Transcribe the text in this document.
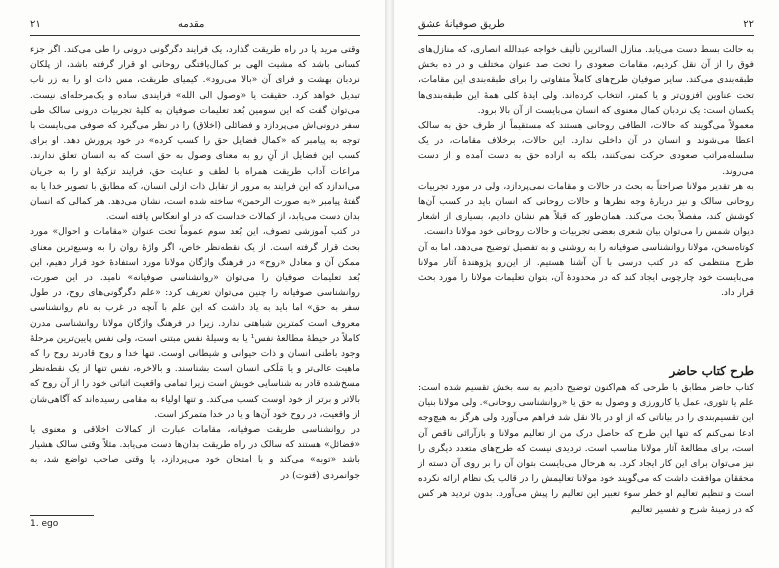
۲۱	مقدمه

وقتی مرید پا در راه طریقت گذارد، یک فرایند دگرگونی درونی را طی می‌کند. اگر جزء کسانی باشد که مشیت الهی بر کمال‌یافتگی روحانی او قرار گرفته باشد، از پلکان نردبان بهشت و فرای آن «بالا می‌رود». کیمیای طریقت، مس ذات او را به زر ناب تبدیل خواهد کرد. حقیقت یا «وصول الی الله» فرایندی ساده و یک‌مرحله‌ای نیست. می‌توان گفت که این سومین بُعد تعلیمات صوفیان به کلیهٔ تجربیات درونی سالک طی سفر درونی‌اش می‌پردازد و فضائلی (اخلاق) را در نظر می‌گیرد که صوفی می‌بایست با توجه به پیامبر که «کمال فضایل حق را کسب کرده» در خود پرورش دهد. او برای کسب این فضایل از آنِ رو به معنای وصول به حق است که به انسان تعلق ندارند. مراعات آداب طریقت همراه با لطف و عنایت حق، فرایند تزکیهٔ او را به جریان می‌اندازد که این فرایند به مرور از تقابل ذات ازلی انسان، که مطابق با تصویر خدا یا به گفتهٔ پیامبر «به صورت الرحمن» ساخته شده است، نشان می‌دهد. هر کمالی که انسان بدان دست می‌یابد، از کمالات خداست که در او انعکاس یافته است.

در کتب آموزشی تصوف، این بُعد سوم عموماً تحت عنوان «مقامات و احوال» مورد بحث قرار گرفته است. از یک نقطه‌نظر خاص، اگر واژهٔ روان را به وسیع‌ترین معنای ممکن آن و معادل «روح» در فرهنگ واژگان مولانا مورد استفادهٔ خود قرار دهیم، این بُعد تعلیمات صوفیان را می‌توان «روانشناسی صوفیانه» نامید. در این صورت، روانشناسی صوفیانه را چنین می‌توان تعریف کرد: «علم دگرگونی‌های روح، در طول سفر به حق» اما باید به یاد داشت که این علم با آنچه در غرب به نام روانشناسی معروف است کمترین شباهتی ندارد. زیرا در فرهنگ واژگان مولانا روانشناسی مدرن کاملاً در حیطهٔ مطالعهٔ نفس¹ یا به وسیلهٔ نفس مبتنی است، ولی نفس پایین‌ترین مرحلهٔ وجود باطنی انسان و ذات حیوانی و شیطانی اوست. تنها خدا و روح قادرند روح را که ماهیت عالی‌تر و یا مَلَکی انسان است بشناسند. و بالاخره، نفس تنها از یک نقطه‌نظر مسخ‌شده قادر به شناسایی خویش است زیرا تمامی واقعیت اثباتی خود را از آن روح که بالاتر و برتر از خود اوست کسب می‌کند. و تنها اولیاء به مقامی رسیده‌اند که آگاهی‌شان از واقعیت، در روح خود آن‌ها و یا در خدا متمرکز است.

در روانشناسی طریقت صوفیانه، مقامات عبارت از کمالات اخلاقی و معنوی یا «فضائل» هستند که سالک در راه طریقت بدان‌ها دست می‌یابد. مثلاً وقتی سالک هشیار باشد «توبه» می‌کند و با امتحان خود می‌پردازد، یا وقتی صاحب تواضع شد، به جوانمردی (فتوت) در

1. ego
طریق صوفیانهٔ عشق	۲۲

به حالت بسط دست می‌یابد. منازل السائرین تألیف خواجه عبدالله انصاری، که منازل‌های فوق را از آن نقل کردیم، مقامات صعودی را تحت صد عنوان مختلف و در ده بخش طبقه‌بندی می‌کند. سایر صوفیان طرح‌های کاملاً متفاوتی را برای طبقه‌بندی این مقامات، تحت عناوین افزون‌تر و یا کمتر، انتخاب کرده‌اند. ولی ایدهٔ کلی همهٔ این طبقه‌بندی‌ها یکسان است: یک نردبان کمال معنوی که انسان می‌بایست از آن بالا برود.

معمولاً می‌گویند که حالات، الطافی روحانی هستند که مستقیماً از طرف حق به سالک اعطا می‌شوند و انسان در آن داخلی ندارد. این حالات، برخلاف مقامات، در یک سلسله‌مراتب صعودی حرکت نمی‌کنند، بلکه به اراده حق به دست آمده و از دست می‌روند.

به هر تقدیر مولانا صراحتاً به بحث در حالات و مقامات نمی‌پردازد، ولی در مورد تجربیات روحانی سالک و نیز دربارهٔ وجه نظرها و حالات روحانی که انسان باید در کسب آن‌ها کوشش کند، مفصلاً بحث می‌کند. همان‌طور که قبلاً هم نشان دادیم، بسیاری از اشعار دیوان شمس را می‌توان بیان شعری بعضی تجربیات و حالات روحانی خود مولانا دانست.

کوتاه‌سخن، مولانا روانشناسی صوفیانه را به روشنی و به تفصیل توضیح می‌دهد، اما به آن طرح منتظمی که در کتب درسی با آن آشنا هستیم. از این‌رو پژوهندهٔ آثار مولانا می‌بایست خود چارچوبی ایجاد کند که در محدودهٔ آن، بتوان تعلیمات مولانا را مورد بحث قرار داد.

طرح کتاب حاضر

کتاب حاضر مطابق با طرحی که هم‌اکنون توضیح دادیم به سه بخش تقسیم شده است: علم یا تئوری، عمل یا کارورزی و وصول به حق یا «روانشناسی روحانی». ولی مولانا بنیان این تقسیم‌بندی را در بیاناتی که از او در بالا نقل شد فراهم می‌آورد ولی هرگز به هیچ‌وجه ادعا نمی‌کنم که تنها این طرح که حاصل درک من از تعالیم مولانا و بازآرائی ناقص آن است، برای مطالعهٔ آثار مولانا مناسب است. تردیدی نیست که طرح‌های متعدد دیگری را نیز می‌توان برای این کار ایجاد کرد. به هرحال می‌بایست بتوان آن را بر روی آن دسته از محققان موافقت داشت که می‌گویند خود مولانا تعالیمش را در قالب یک نظام ارائه نکرده است و تنظیم تعالیم او خطر سوء تعبیر این تعالیم را پیش می‌آورد. بدون تردید هر کس که در زمینهٔ شرح و تفسیر تعالیم
